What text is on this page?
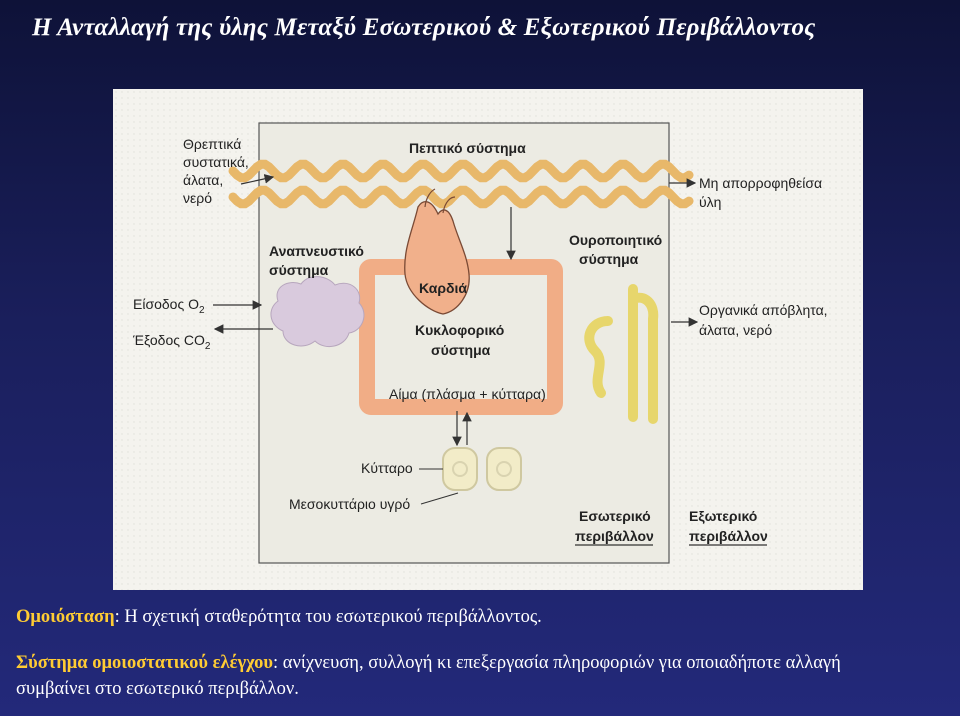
Η Ανταλλαγή της ύλης Μεταξύ Εσωτερικού & Εξωτερικού Περιβάλλοντος
Θρεπτικά συστατικά, άλατα, νερό
Πεπτικό σύστημα
Μη απορροφηθείσα ύλη
Αναπνευστικό σύστημα
Καρδιά
Ουροποιητικό σύστημα
Είσοδος $O_2$
Έξοδος $CO_2$
Κυκλοφορικό σύστημα
Οργανικά απόβλητα, άλατα, νερό
Αίμα (πλάσμα + κύτταρα)
Κύτταρο
Μεσοκυττάριο υγρό
Εσωτερικό περιβάλλον
Εξωτερικό περιβάλλον
Ομοιόσταση: Η σχετική σταθερότητα του εσωτερικού περιβάλλοντος.
Σύστημα ομοιοστατικού ελέγχου: ανίχνευση, συλλογή κι επεξεργασία πληροφοριών για οποιαδήποτε αλλαγή συμβαίνει στο εσωτερικό περιβάλλον.
